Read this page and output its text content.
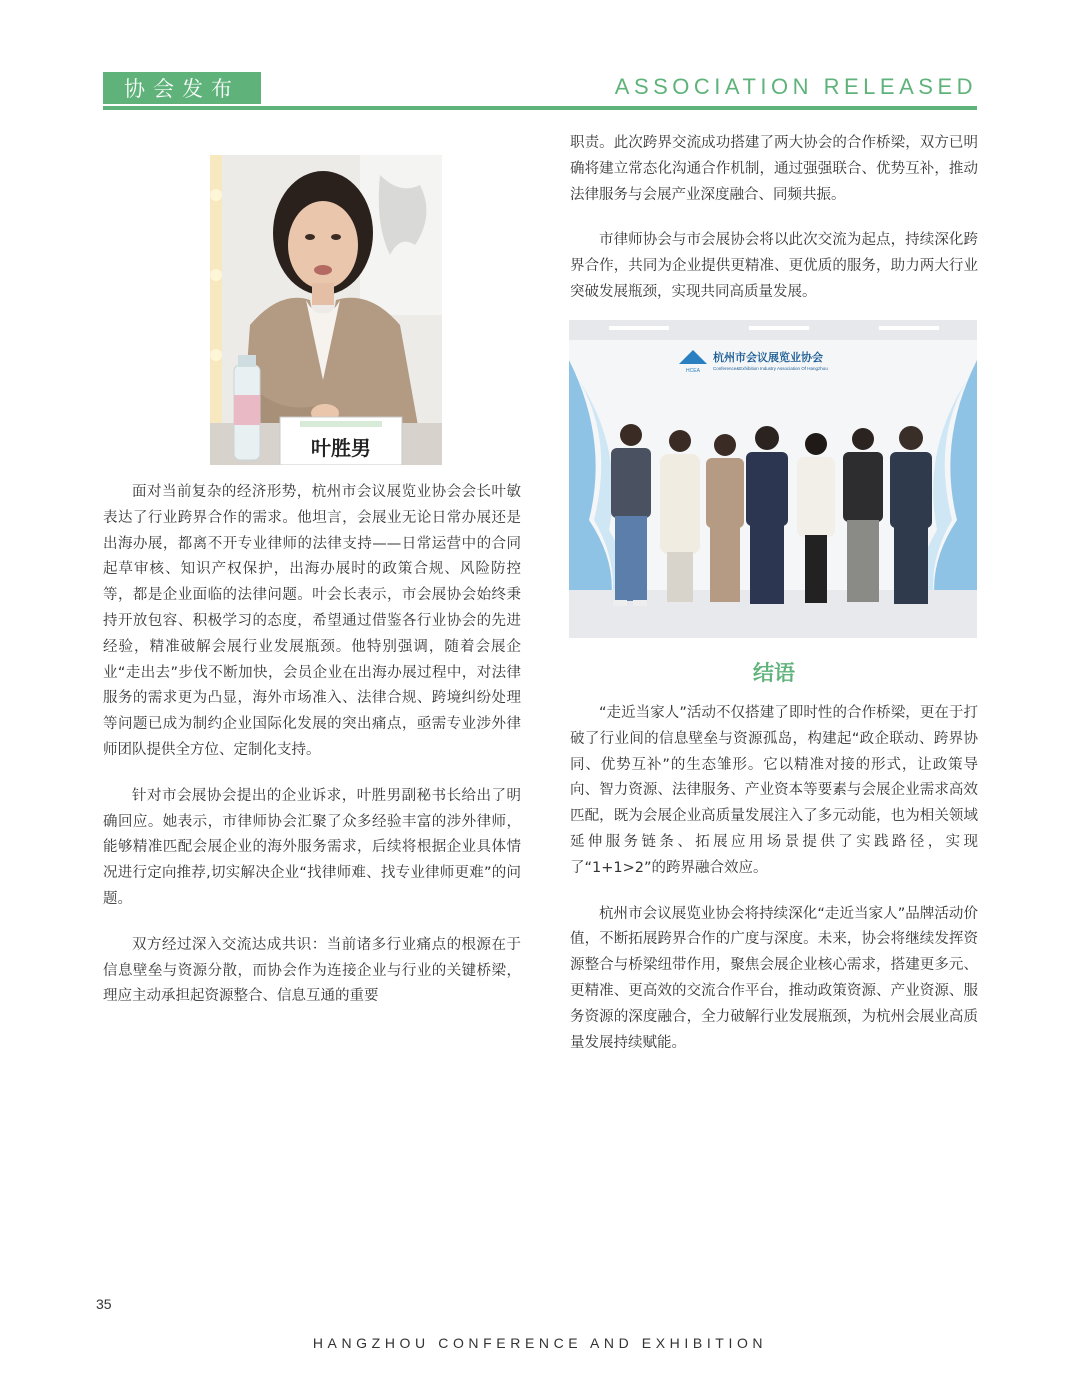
协会发布	ASSOCIATION RELEASED
叶胜男

面对当前复杂的经济形势，杭州市会议展览业协会会长叶敏表达了行业跨界合作的需求。他坦言，会展业无论日常办展还是出海办展，都离不开专业律师的法律支持——日常运营中的合同起草审核、知识产权保护，出海办展时的政策合规、风险防控等，都是企业面临的法律问题。叶会长表示，市会展协会始终秉持开放包容、积极学习的态度，希望通过借鉴各行业协会的先进经验，精准破解会展行业发展瓶颈。他特别强调，随着会展企业“走出去”步伐不断加快，会员企业在出海办展过程中，对法律服务的需求更为凸显，海外市场准入、法律合规、跨境纠纷处理等问题已成为制约企业国际化发展的突出痛点，亟需专业涉外律师团队提供全方位、定制化支持。

针对市会展协会提出的企业诉求，叶胜男副秘书长给出了明确回应。她表示，市律师协会汇聚了众多经验丰富的涉外律师，能够精准匹配会展企业的海外服务需求，后续将根据企业具体情况进行定向推荐,切实解决企业“找律师难、找专业律师更难”的问题。

双方经过深入交流达成共识：当前诸多行业痛点的根源在于信息壁垒与资源分散，而协会作为连接企业与行业的关键桥梁，理应主动承担起资源整合、信息互通的重要

职责。此次跨界交流成功搭建了两大协会的合作桥梁，双方已明确将建立常态化沟通合作机制，通过强强联合、优势互补，推动法律服务与会展产业深度融合、同频共振。

市律师协会与市会展协会将以此次交流为起点，持续深化跨界合作，共同为企业提供更精准、更优质的服务，助力两大行业突破发展瓶颈，实现共同高质量发展。

HCEA
杭州市会议展览业协会
Conference&Exhibition Industry Association Of Hangzhou
结语

“走近当家人”活动不仅搭建了即时性的合作桥梁，更在于打破了行业间的信息壁垒与资源孤岛，构建起“政企联动、跨界协同、优势互补”的生态雏形。它以精准对接的形式，让政策导向、智力资源、法律服务、产业资本等要素与会展企业需求高效匹配，既为会展企业高质量发展注入了多元动能，也为相关领域延伸服务链条、拓展应用场景提供了实践路径，实现了“1+1>2”的跨界融合效应。

杭州市会议展览业协会将持续深化“走近当家人”品牌活动价值，不断拓展跨界合作的广度与深度。未来，协会将继续发挥资源整合与桥梁纽带作用，聚焦会展企业核心需求，搭建更多元、更精准、更高效的交流合作平台，推动政策资源、产业资源、服务资源的深度融合，全力破解行业发展瓶颈，为杭州会展业高质量发展持续赋能。

35
HANGZHOU CONFERENCE AND EXHIBITION
